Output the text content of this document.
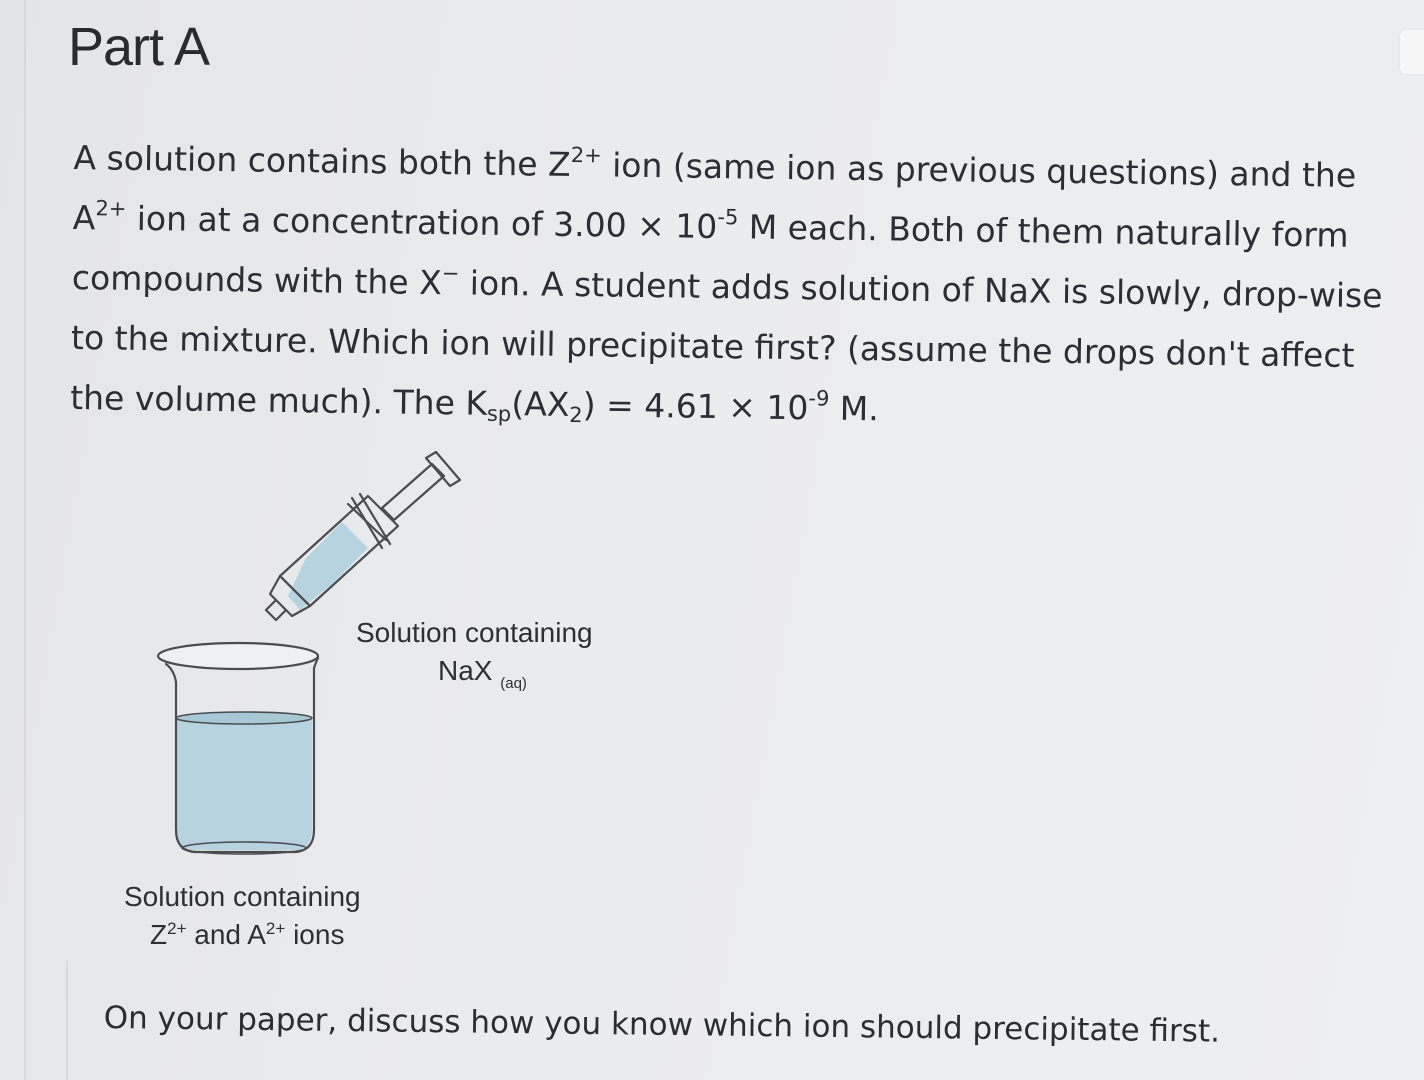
Part A
A solution contains both the $Z^{2+}$ ion (same ion as previous questions) and the
$A^{2+}$ ion at a concentration of $3.00 \times 10^{-5}$ M each. Both of them naturally form
compounds with the X− ion. A student adds solution of NaX is slowly, drop-wise
to the mixture. Which ion will precipitate first? (assume the drops don't affect
the volume much). The $K_{sp}(AX_2) = 4.61 \times 10^{-9}$ M.
Solution containing
NaX $_{(aq)}$
Solution containing
$Z^{2+}$ and $A^{2+}$ ions
On your paper, discuss how you know which ion should precipitate first.
